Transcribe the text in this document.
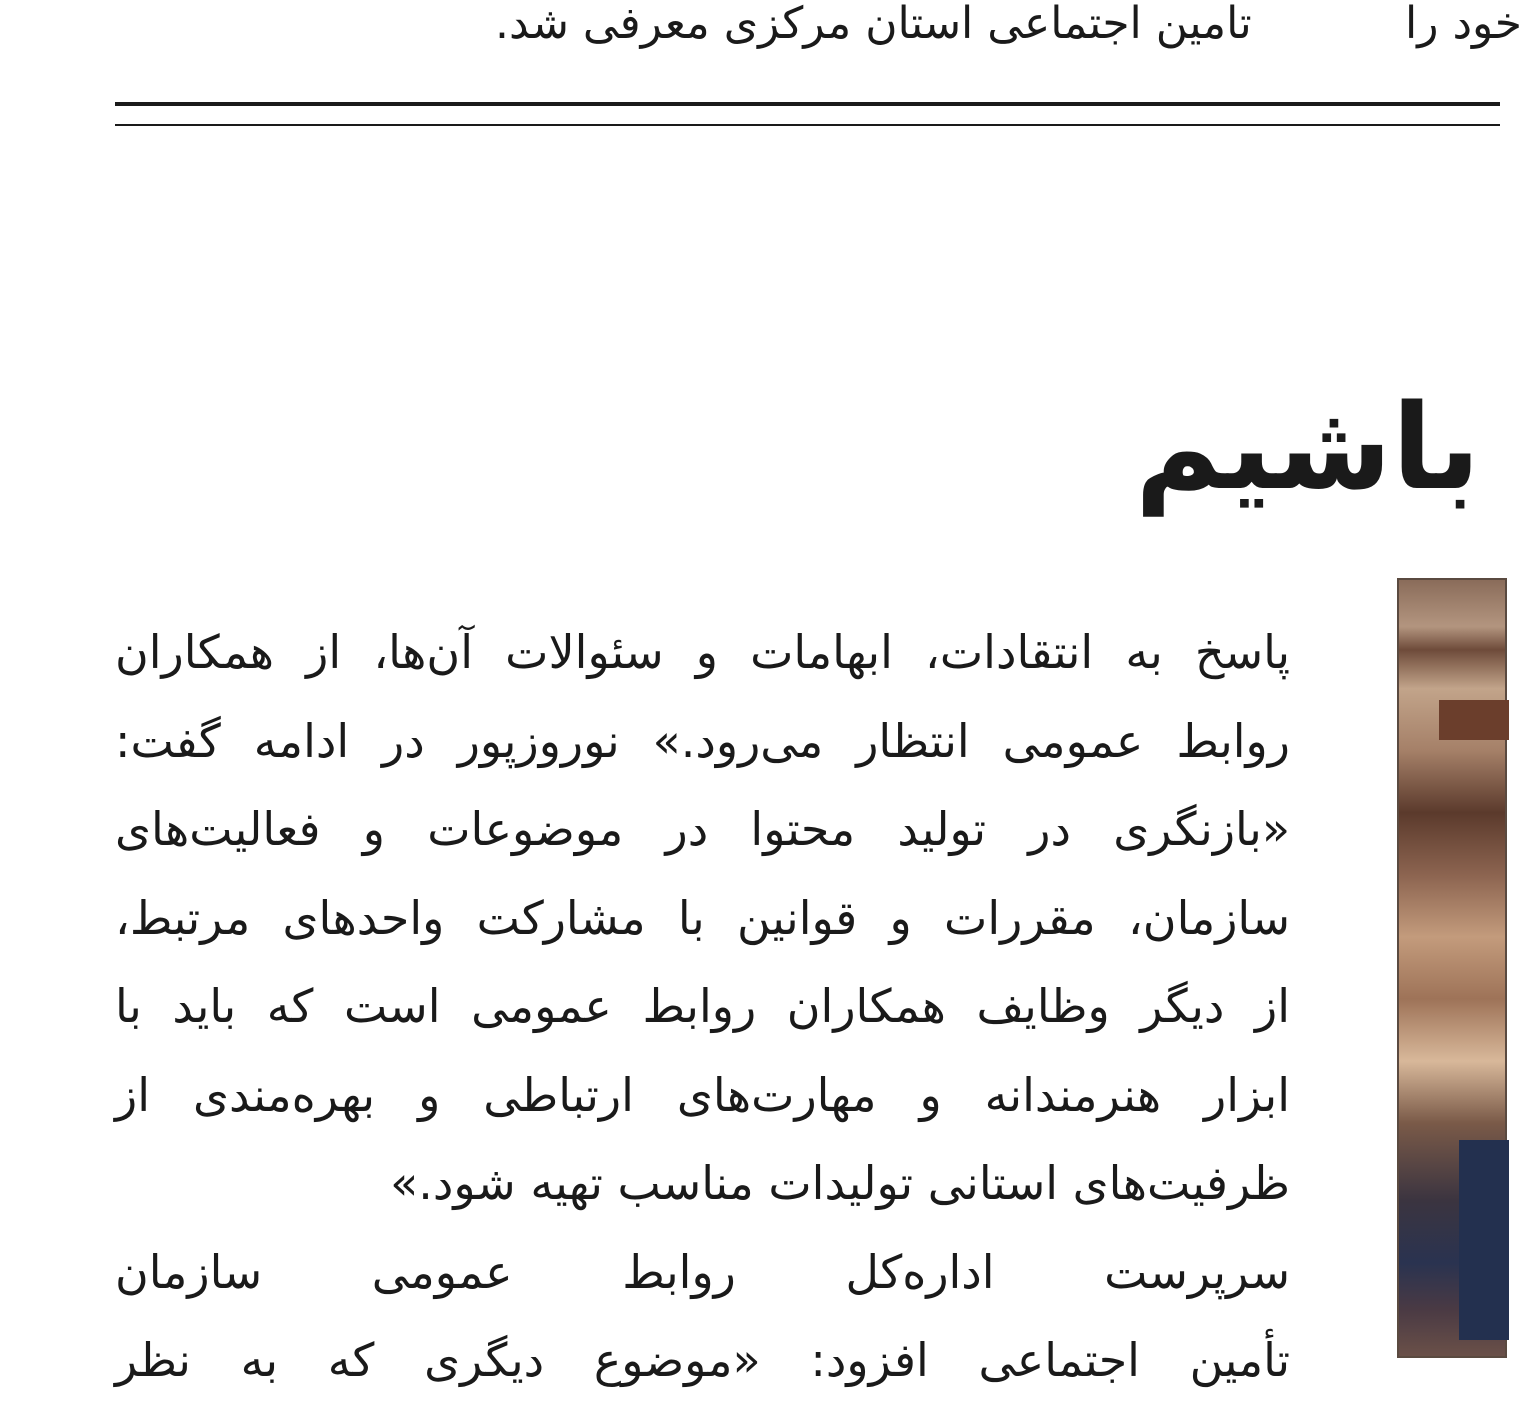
تامین اجتماعی استان مرکزی معرفی شد.	خود را
باشیم
پاسخ به انتقادات، ابهامات و سئوالات آن‌ها، از همکاران
روابط عمومی انتظار می‌رود.» نوروزپور در ادامه گفت:
«بازنگری در تولید محتوا در موضوعات و فعالیت‌های
سازمان، مقررات و قوانین با مشارکت واحدهای مرتبط،
از دیگر وظایف همکاران روابط عمومی است که باید با
ابزار هنرمندانه و مهارت‌های ارتباطی و بهره‌مندی از
ظرفیت‌های استانی تولیدات مناسب تهیه شود.»
سرپرست اداره‌کل روابط عمومی سازمان
تأمین اجتماعی افزود: «موضوع دیگری که به نظر
